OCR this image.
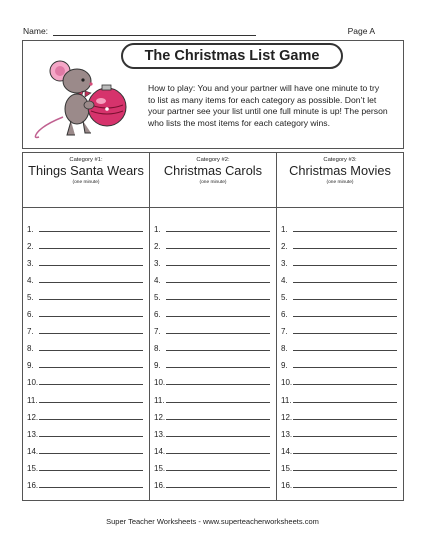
Name:	Page A
The Christmas List Game
How to play: You and your partner will have one minute to try to list as many items for each category as possible. Don’t let your partner see your list until one full minute is up! The person who lists the most items for each category wins.
Category #1:
Things Santa Wears
(one minute)
1.
2.
3.
4.
5.
6.
7.
8.
9.
10.
11.
12.
13.
14.
15.
16.
Category #2:
Christmas Carols
(one minute)
1.
2.
3.
4.
5.
6.
7.
8.
9.
10.
11.
12.
13.
14.
15.
16.
Category #3:
Christmas Movies
(one minute)
1.
2.
3.
4.
5.
6.
7.
8.
9.
10.
11.
12.
13.
14.
15.
16.
Super Teacher Worksheets - www.superteacherworksheets.com
